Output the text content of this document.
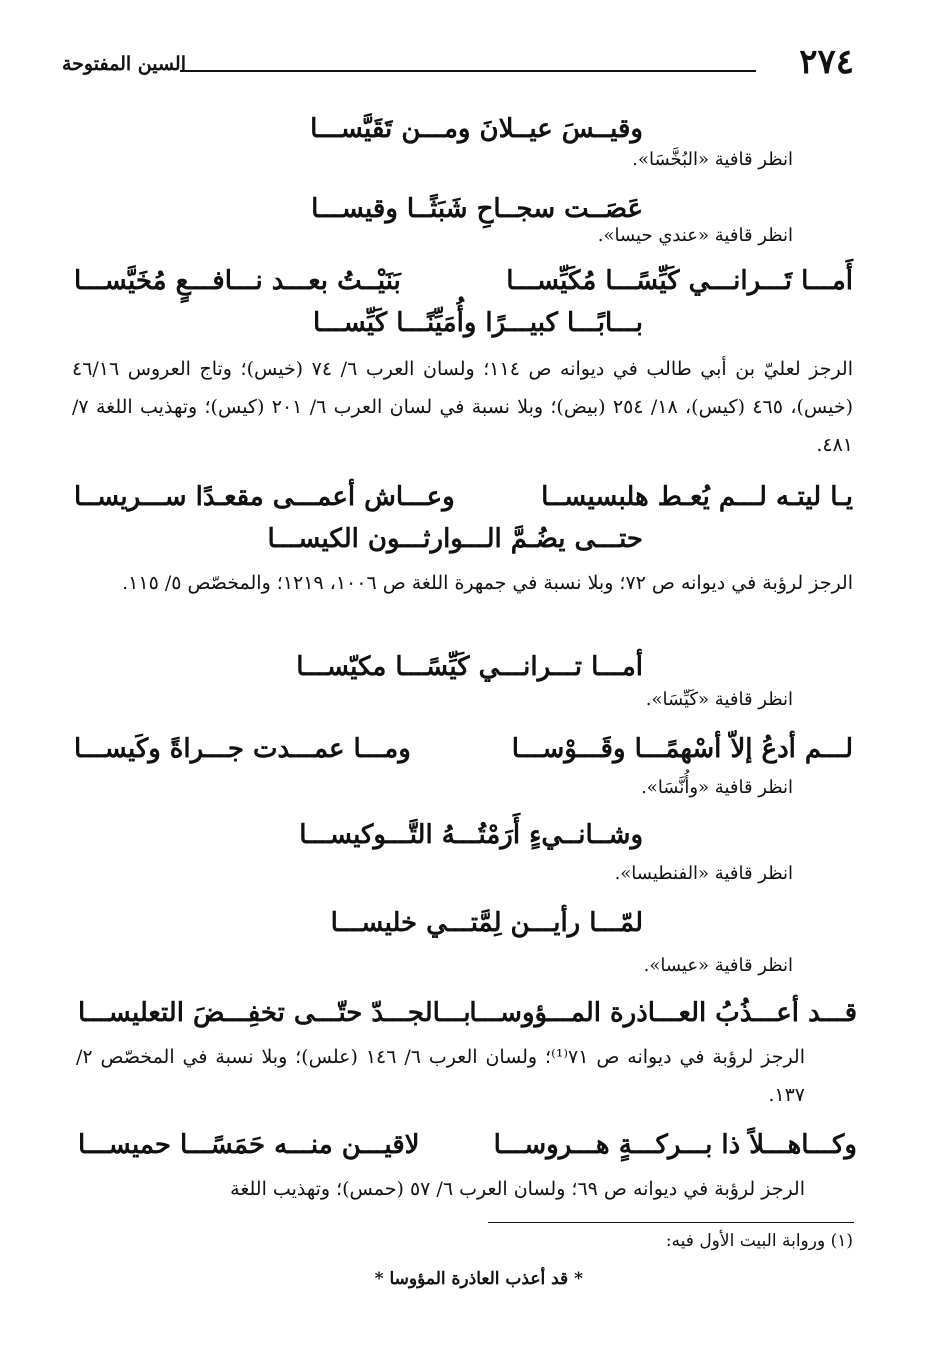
٢٧٤
السين المفتوحة
وقيــسَ عيــلانَ ومـــن تَقَيَّســـا
انظر قافية «البُخَّسَا».
عَصَــت سجــاحِ شَبَثًــا وقيســـا
انظر قافية «عندي حيسا».
أَمـــا تَـــرانـــي كَيِّسًـــا مُكَيِّســـا
بَنَيْــتُ بعـــد نـــافـــعٍ مُخَيَّســـا
بـــابًـــا كبيـــرًا وأُمَيِّنًـــا كَيِّســـا
الرجز لعليّ بن أبي طالب في ديوانه ص ١١٤؛ ولسان العرب ٦/ ٧٤ (خيس)؛ وتاج العروس ٤٦/١٦ (خيس)، ٤٦٥ (كيس)، ١٨/ ٢٥٤ (بيض)؛ وبلا نسبة في لسان العرب ٦/ ٢٠١ (كيس)؛ وتهذيب اللغة ٧/ ٤٨١.
يـا ليتـه لـــم يُعـط هلبسيســا
وعـــاش أعمـــى مقعـدًا ســـريســا
حتـــى يضُـمَّ الـــوارثـــون الكيســـا
الرجز لرؤبة في ديوانه ص ٧٢؛ وبلا نسبة في جمهرة اللغة ص ١٠٠٦، ١٢١٩؛ والمخصّص ٥/ ١١٥.
أمـــا تـــرانـــي كَيِّسًـــا مكيّســـا
انظر قافية «كَيِّسَا».
لـــم أدعُ إلاّ أسْهمًـــا وقَـــوْســـا
ومـــا عمـــدت جـــراةً وكَيســـا
انظر قافية «وأُنَّسَا».
وشــانــيءٍ أَرَمْتُـــهُ التَّـــوكيســـا
انظر قافية «الفنطيسا».
لمّـــا رأيـــن لِمَّتـــي خليســـا
انظر قافية «عيسا».
قـــد أعـــذُبُ العـــاذرة المـــؤوســـا
بـــالجـــدّ حتّـــى تخفِـــضَ التعليســـا
الرجز لرؤبة في ديوانه ص ٧١⁽¹⁾؛ ولسان العرب ٦/ ١٤٦ (علس)؛ وبلا نسبة في المخصّص ٢/ ١٣٧.
وكـــاهـــلاً ذا بـــركـــةٍ هـــروســـا
لاقيـــن منـــه حَمَسًـــا حميســـا
الرجز لرؤبة في ديوانه ص ٦٩؛ ولسان العرب ٦/ ٥٧ (حمس)؛ وتهذيب اللغة
(١) وروابة البيت الأول فيه:
* قد أعذب العاذرة المؤوسا *
